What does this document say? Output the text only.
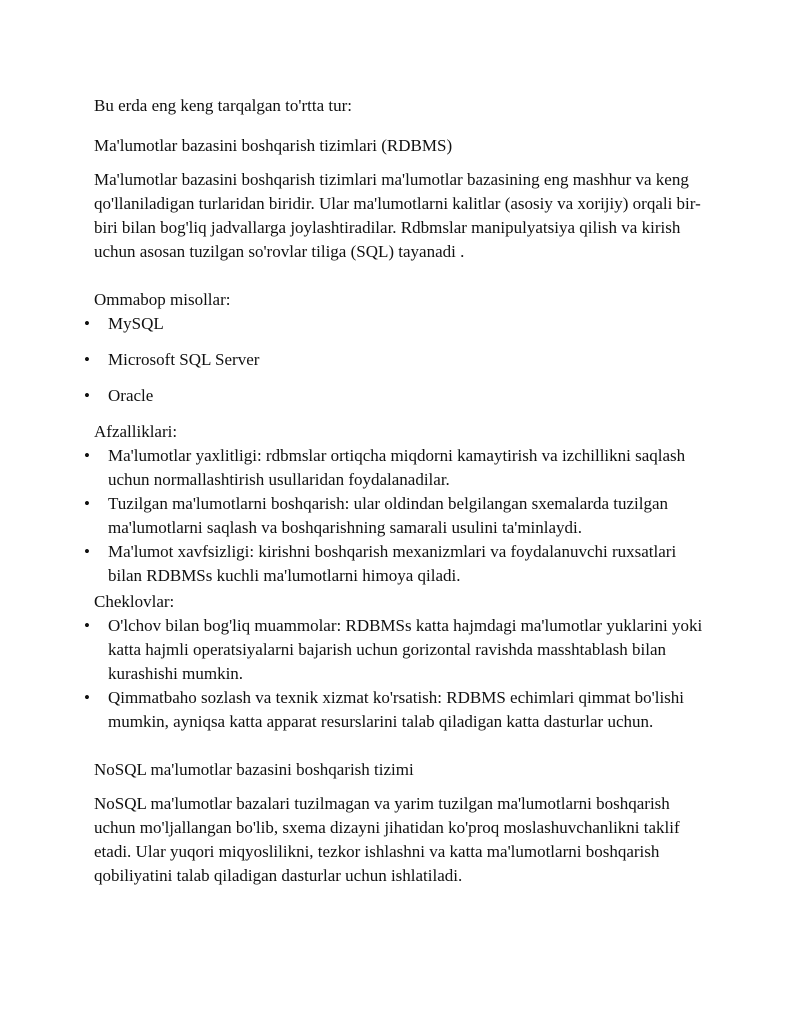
Bu erda eng keng tarqalgan to'rtta tur:

Ma'lumotlar bazasini boshqarish tizimlari (RDBMS)

Ma'lumotlar bazasini boshqarish tizimlari ma'lumotlar bazasining eng mashhur va keng qo'llaniladigan turlaridan biridir. Ular ma'lumotlarni kalitlar (asosiy va xorijiy) orqali bir-biri bilan bog'liq jadvallarga joylashtiradilar. Rdbmslar manipulyatsiya qilish va kirish uchun asosan tuzilgan so'rovlar tiliga (SQL) tayanadi .

Ommabop misollar:

• MySQL
• Microsoft SQL Server
• Oracle

Afzalliklari:

• Ma'lumotlar yaxlitligi: rdbmslar ortiqcha miqdorni kamaytirish va izchillikni saqlash uchun normallashtirish usullaridan foydalanadilar.
• Tuzilgan ma'lumotlarni boshqarish: ular oldindan belgilangan sxemalarda tuzilgan ma'lumotlarni saqlash va boshqarishning samarali usulini ta'minlaydi.
• Ma'lumot xavfsizligi: kirishni boshqarish mexanizmlari va foydalanuvchi ruxsatlari bilan RDBMSs kuchli ma'lumotlarni himoya qiladi.

Cheklovlar:

• O'lchov bilan bog'liq muammolar: RDBMSs katta hajmdagi ma'lumotlar yuklarini yoki katta hajmli operatsiyalarni bajarish uchun gorizontal ravishda masshtablash bilan kurashishi mumkin.
• Qimmatbaho sozlash va texnik xizmat ko'rsatish: RDBMS echimlari qimmat bo'lishi mumkin, ayniqsa katta apparat resurslarini talab qiladigan katta dasturlar uchun.

NoSQL ma'lumotlar bazasini boshqarish tizimi

NoSQL ma'lumotlar bazalari tuzilmagan va yarim tuzilgan ma'lumotlarni boshqarish uchun mo'ljallangan bo'lib, sxema dizayni jihatidan ko'proq moslashuvchanlikni taklif etadi. Ular yuqori miqyoslilikni, tezkor ishlashni va katta ma'lumotlarni boshqarish qobiliyatini talab qiladigan dasturlar uchun ishlatiladi.
